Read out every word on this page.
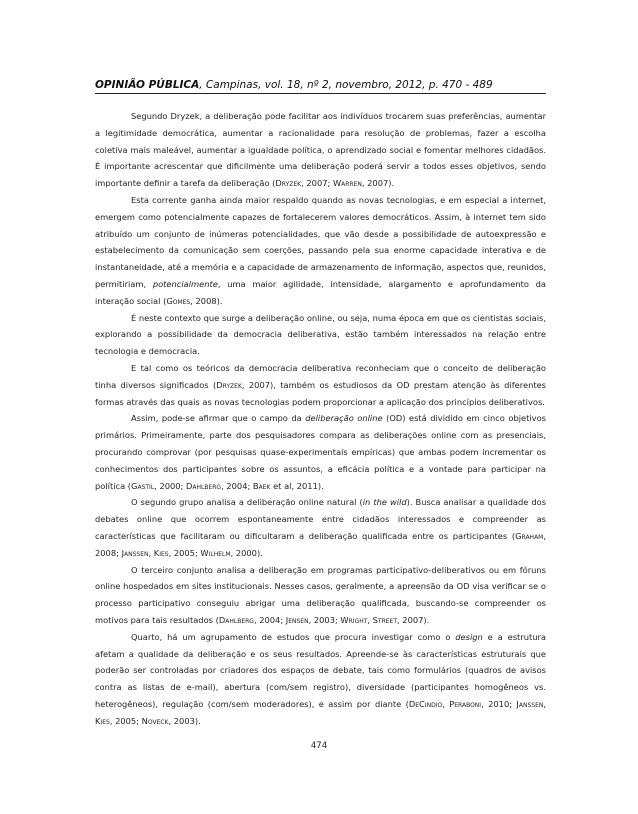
OPINIÃO PÚBLICA, Campinas, vol. 18, nº 2, novembro, 2012, p. 470 - 489

Segundo Dryzek, a deliberação pode facilitar aos indivíduos trocarem suas preferências, aumentar a legitimidade democrática, aumentar a racionalidade para resolução de problemas, fazer a escolha coletiva mais maleável, aumentar a igualdade política, o aprendizado social e fomentar melhores cidadãos. É importante acrescentar que dificilmente uma deliberação poderá servir a todos esses objetivos, sendo importante definir a tarefa da deliberação (Dryzek, 2007; Warren, 2007).

Esta corrente ganha ainda maior respaldo quando as novas tecnologias, e em especial a internet, emergem como potencialmente capazes de fortalecerem valores democráticos. Assim, à internet tem sido atribuído um conjunto de inúmeras potencialidades, que vão desde a possibilidade de autoexpressão e estabelecimento da comunicação sem coerções, passando pela sua enorme capacidade interativa e de instantaneidade, até a memória e a capacidade de armazenamento de informação, aspectos que, reunidos, permitiriam, potencialmente, uma maior agilidade, intensidade, alargamento e aprofundamento da interação social (Gomes, 2008).

É neste contexto que surge a deliberação online, ou seja, numa época em que os cientistas sociais, explorando a possibilidade da democracia deliberativa, estão também interessados na relação entre tecnologia e democracia.

E tal como os teóricos da democracia deliberativa reconheciam que o conceito de deliberação tinha diversos significados (Dryzek, 2007), também os estudiosos da OD prestam atenção às diferentes formas através das quais as novas tecnologias podem proporcionar a aplicação dos princípios deliberativos.

Assim, pode-se afirmar que o campo da deliberação online (OD) está dividido em cinco objetivos primários. Primeiramente, parte dos pesquisadores compara as deliberações online com as presenciais, procurando comprovar (por pesquisas quase-experimentais empíricas) que ambas podem incrementar os conhecimentos dos participantes sobre os assuntos, a eficácia política e a vontade para participar na política (Gastil, 2000; Dahlberg, 2004; Baek et al, 2011).

O segundo grupo analisa a deliberação online natural (in the wild). Busca analisar a qualidade dos debates online que ocorrem espontaneamente entre cidadãos interessados e compreender as características que facilitaram ou dificultaram a deliberação qualificada entre os participantes (Graham, 2008; Janssen, Kies, 2005; Wilhelm, 2000).

O terceiro conjunto analisa a deliberação em programas participativo-deliberativos ou em fóruns online hospedados em sites institucionais. Nesses casos, geralmente, a apreensão da OD visa verificar se o processo participativo conseguiu abrigar uma deliberação qualificada, buscando-se compreender os motivos para tais resultados (Dahlberg, 2004; Jensen, 2003; Wright, Street, 2007).

Quarto, há um agrupamento de estudos que procura investigar como o design e a estrutura afetam a qualidade da deliberação e os seus resultados. Apreende-se às características estruturais que poderão ser controladas por criadores dos espaços de debate, tais como formulários (quadros de avisos contra as listas de e-mail), abertura (com/sem registro), diversidade (participantes homogêneos vs. heterogêneos), regulação (com/sem moderadores), e assim por diante (DeCindio, Peraboni, 2010; Janssen, Kies, 2005; Noveck, 2003).

474
